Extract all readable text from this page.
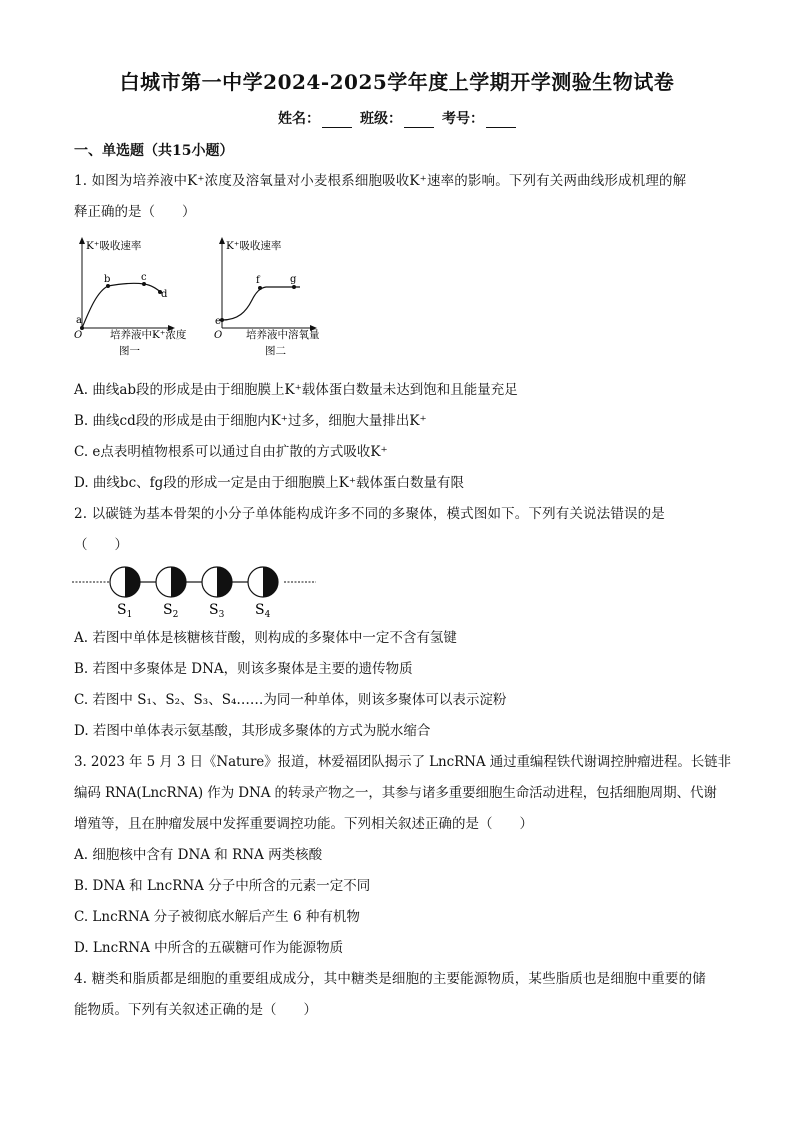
白城市第一中学2024-2025学年度上学期开学测验生物试卷
姓名：	班级：	考号：
一、单选题（共15小题）
1. 如图为培养液中K⁺浓度及溶氧量对小麦根系细胞吸收K⁺速率的影响。下列有关两曲线形成机理的解
释正确的是（　　）
a
b	c
d
K⁺吸收速率
O	培养液中K⁺浓度
图一
e
f	g
K⁺吸收速率
O 培养液中溶氧量
图二
A. 曲线ab段的形成是由于细胞膜上K⁺载体蛋白数量未达到饱和且能量充足
B. 曲线cd段的形成是由于细胞内K⁺过多，细胞大量排出K⁺
C. e点表明植物根系可以通过自由扩散的方式吸收K⁺
D. 曲线bc、fg段的形成一定是由于细胞膜上K⁺载体蛋白数量有限
2. 以碳链为基本骨架的小分子单体能构成许多不同的多聚体，模式图如下。下列有关说法错误的是
（　　）
$S_1$ $S_2$ $S_3$ $S_4$
A. 若图中单体是核糖核苷酸，则构成的多聚体中一定不含有氢键
B. 若图中多聚体是 DNA，则该多聚体是主要的遗传物质
C. 若图中 S₁、S₂、S₃、S₄……为同一种单体，则该多聚体可以表示淀粉
D. 若图中单体表示氨基酸，其形成多聚体的方式为脱水缩合
3. 2023 年 5 月 3 日《Nature》报道，林爱福团队揭示了 LncRNA 通过重编程铁代谢调控肿瘤进程。长链非
编码 RNA(LncRNA) 作为 DNA 的转录产物之一，其参与诸多重要细胞生命活动进程，包括细胞周期、代谢
增殖等，且在肿瘤发展中发挥重要调控功能。下列相关叙述正确的是（　　）
A. 细胞核中含有 DNA 和 RNA 两类核酸
B. DNA 和 LncRNA 分子中所含的元素一定不同
C. LncRNA 分子被彻底水解后产生 6 种有机物
D. LncRNA 中所含的五碳糖可作为能源物质
4. 糖类和脂质都是细胞的重要组成成分，其中糖类是细胞的主要能源物质，某些脂质也是细胞中重要的储
能物质。下列有关叙述正确的是（　　）
